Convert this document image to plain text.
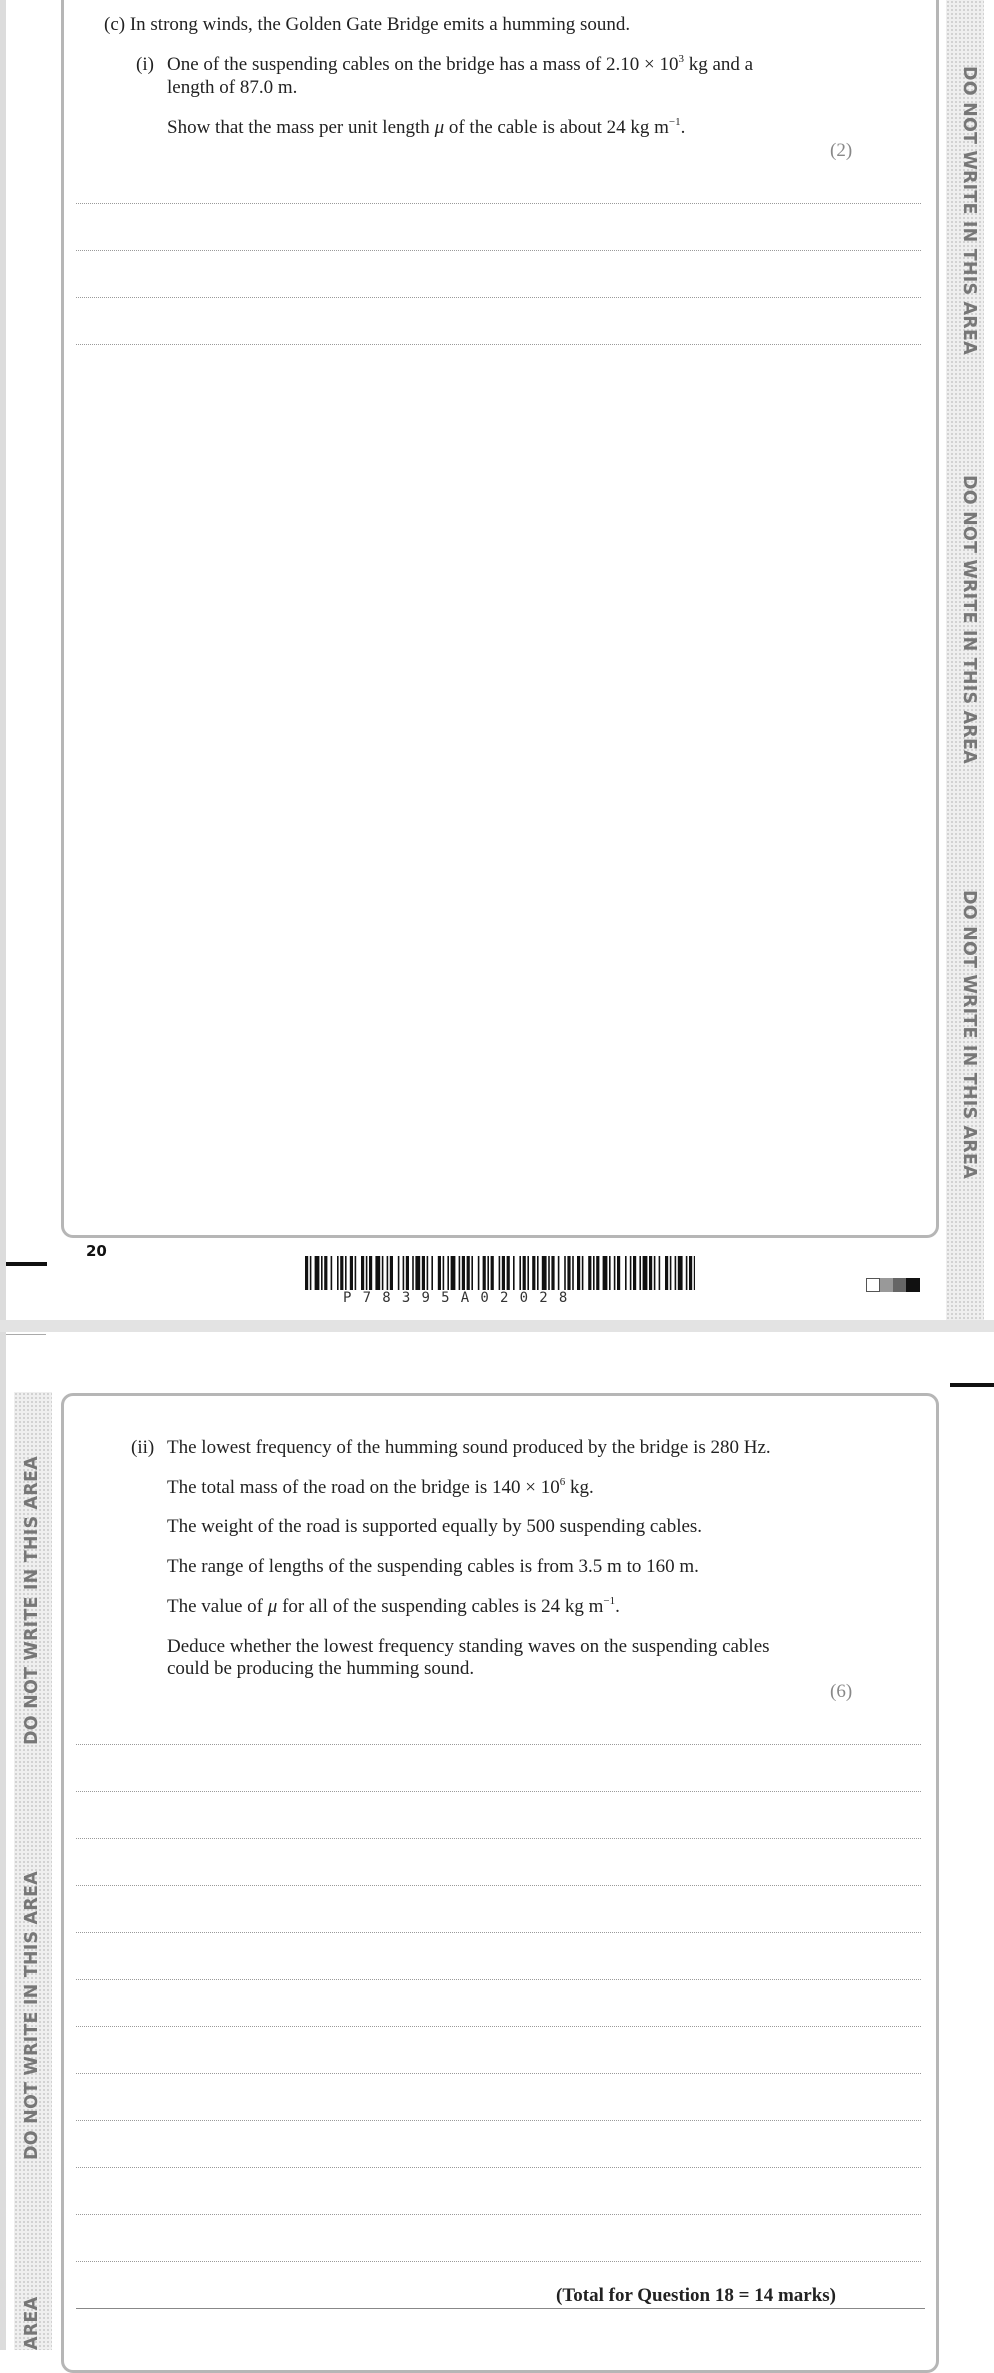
DO NOT WRITE IN THIS AREA
DO NOT WRITE IN THIS AREA
DO NOT WRITE IN THIS AREA
(c) In strong winds, the Golden Gate Bridge emits a humming sound.
(i) One of the suspending cables on the bridge has a mass of $2.10 \times 10^3$ kg and a
length of 87.0 m.
Show that the mass per unit length μ of the cable is about 24 kg $m^{-1}$.
(2)
20
P78395A02028
DO NOT WRITE IN THIS AREA
DO NOT WRITE IN THIS AREA
AREA
(ii) The lowest frequency of the humming sound produced by the bridge is 280 Hz.
The total mass of the road on the bridge is $140 \times 10^6$ kg.
The weight of the road is supported equally by 500 suspending cables.
The range of lengths of the suspending cables is from 3.5 m to 160 m.
The value of μ for all of the suspending cables is 24 kg $m^{-1}$.
Deduce whether the lowest frequency standing waves on the suspending cables
could be producing the humming sound.
(6)
(Total for Question 18 = 14 marks)
